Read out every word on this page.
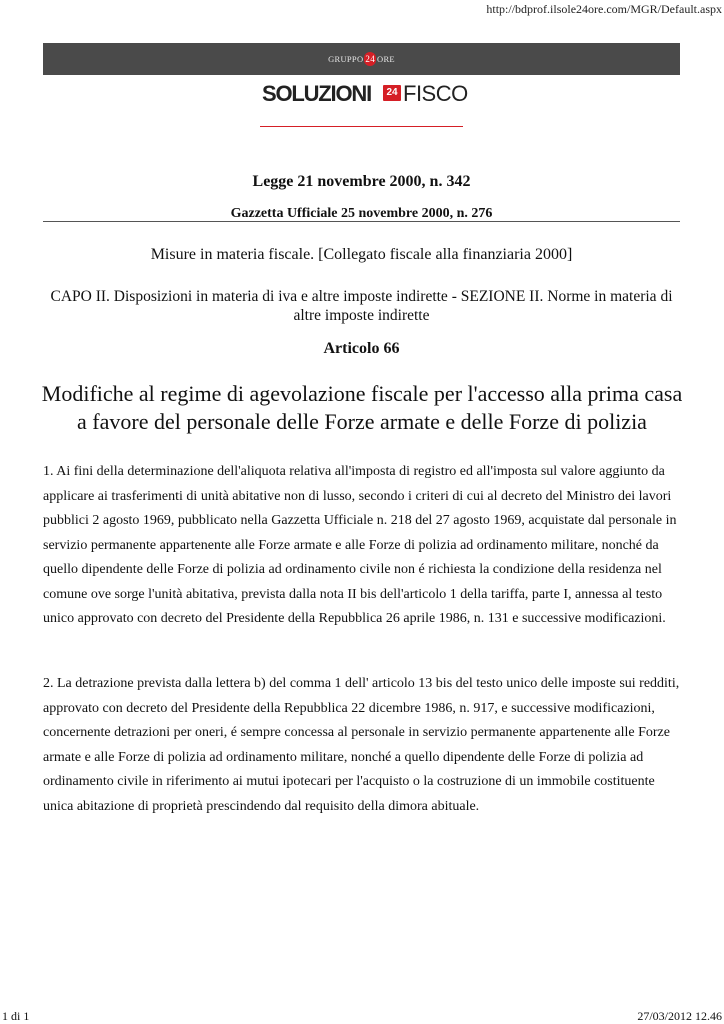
http://bdprof.ilsole24ore.com/MGR/Default.aspx
GRUPPO 24 ORE
SOLUZIONI	24 FISCO
Legge 21 novembre 2000, n. 342
Gazzetta Ufficiale 25 novembre 2000, n. 276
Misure in materia fiscale. [Collegato fiscale alla finanziaria 2000]
CAPO II. Disposizioni in materia di iva e altre imposte indirette - SEZIONE II. Norme in materia di altre imposte indirette
Articolo 66
Modifiche al regime di agevolazione fiscale per l'accesso alla prima casa a favore del personale delle Forze armate e delle Forze di polizia
1. Ai fini della determinazione dell'aliquota relativa all'imposta di registro ed all'imposta sul valore aggiunto da applicare ai trasferimenti di unità abitative non di lusso, secondo i criteri di cui al decreto del Ministro dei lavori pubblici 2 agosto 1969, pubblicato nella Gazzetta Ufficiale n. 218 del 27 agosto 1969, acquistate dal personale in servizio permanente appartenente alle Forze armate e alle Forze di polizia ad ordinamento militare, nonché da quello dipendente delle Forze di polizia ad ordinamento civile non é richiesta la condizione della residenza nel comune ove sorge l'unità abitativa, prevista dalla nota II bis dell'articolo 1 della tariffa, parte I, annessa al testo unico approvato con decreto del Presidente della Repubblica 26 aprile 1986, n. 131 e successive modificazioni.
2. La detrazione prevista dalla lettera b) del comma 1 dell' articolo 13 bis del testo unico delle imposte sui redditi, approvato con decreto del Presidente della Repubblica 22 dicembre 1986, n. 917, e successive modificazioni, concernente detrazioni per oneri, é sempre concessa al personale in servizio permanente appartenente alle Forze armate e alle Forze di polizia ad ordinamento militare, nonché a quello dipendente delle Forze di polizia ad ordinamento civile in riferimento ai mutui ipotecari per l'acquisto o la costruzione di un immobile costituente unica abitazione di proprietà prescindendo dal requisito della dimora abituale.
1 di 1	27/03/2012 12.46
